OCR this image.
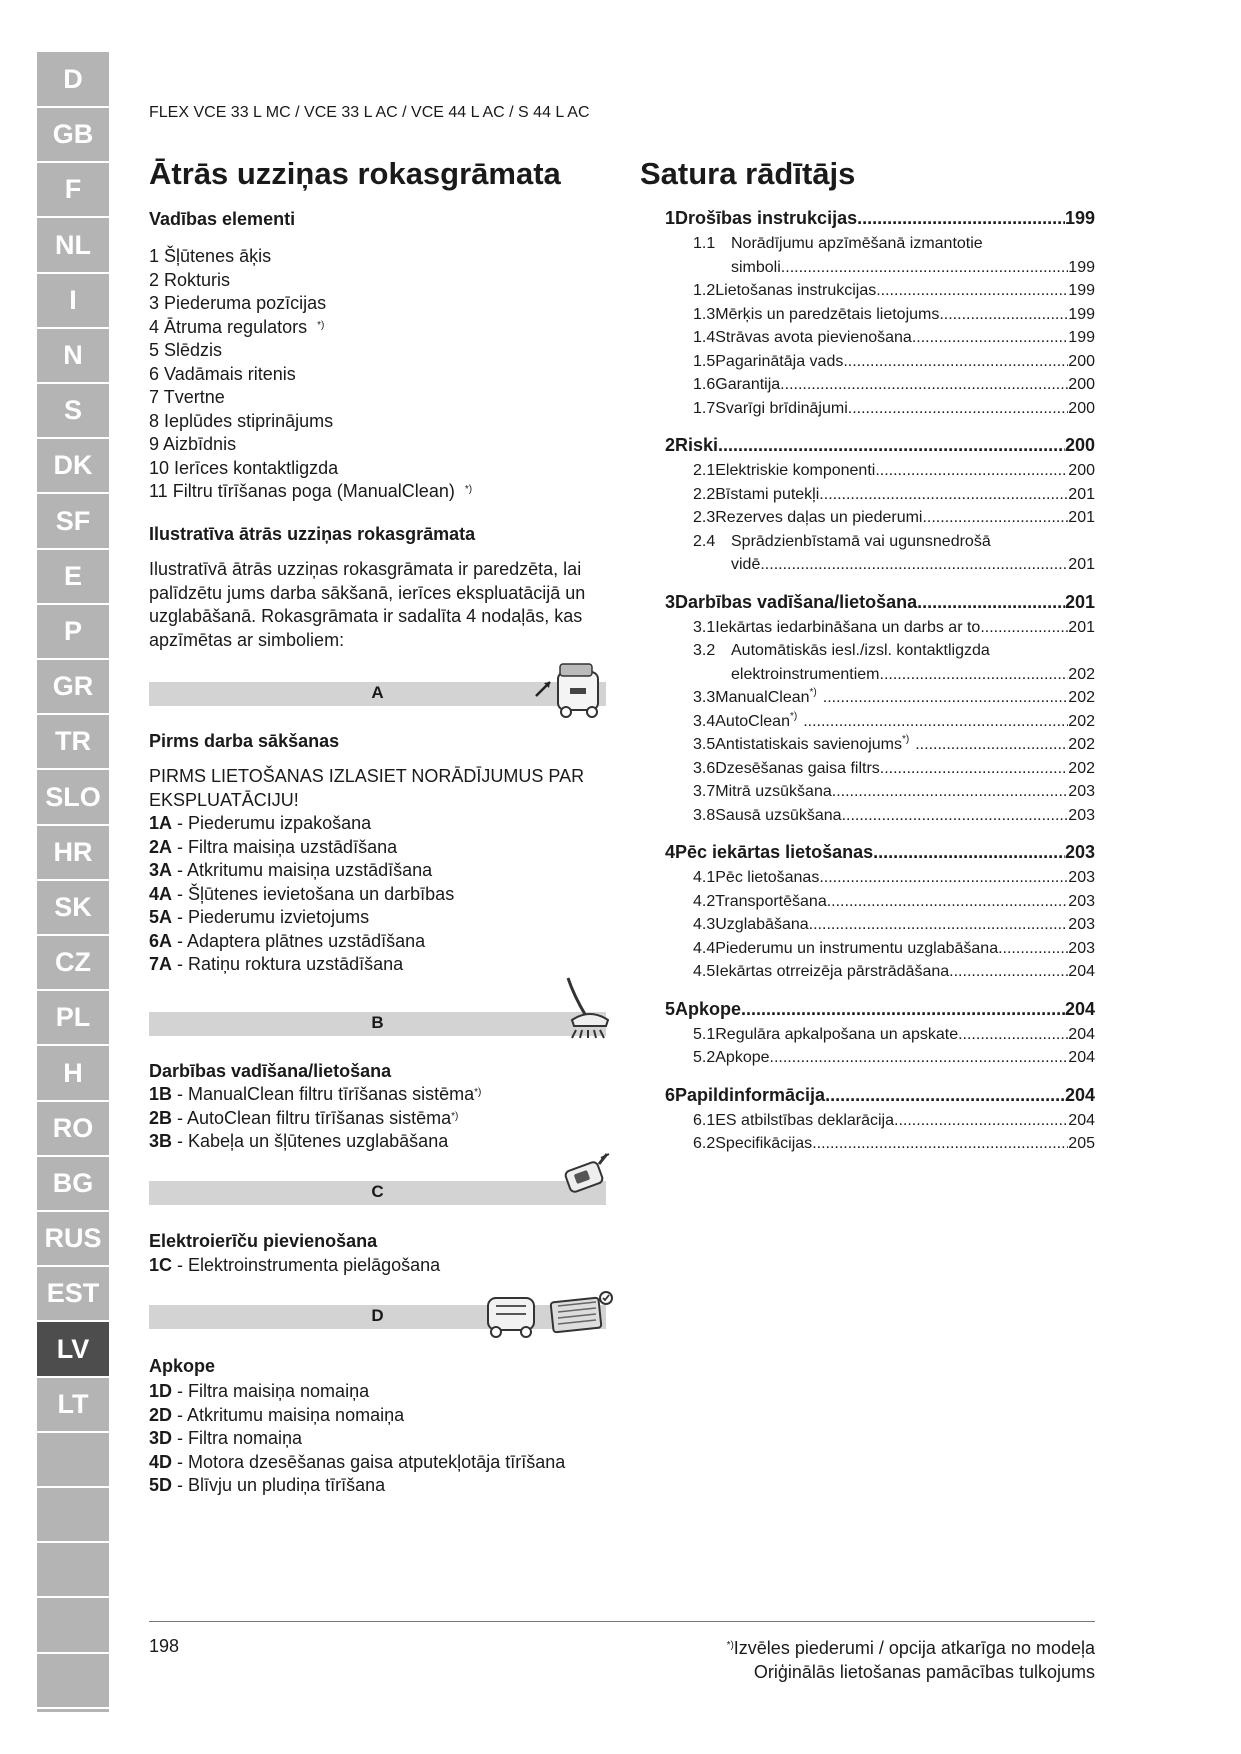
D
GB
F
NL
I
N
S
DK
SF
E
P
GR
TR
SLO
HR
SK
CZ
PL
H
RO
BG
RUS
EST
LV
LT
FLEX VCE 33 L MC / VCE 33 L AC / VCE 44 L AC / S 44 L AC
Ātrās uzziņas rokasgrāmata
Vadības elementi
1 Šļūtenes āķis
2 Rokturis
3 Piederuma pozīcijas
4 Ātruma regulators *)
5 Slēdzis
6 Vadāmais ritenis
7 Tvertne
8 Ieplūdes stiprinājums
9 Aizbīdnis
10 Ierīces kontaktligzda
11 Filtru tīrīšanas poga (ManualClean) *)
Ilustratīva ātrās uzziņas rokasgrāmata
Ilustratīvā ātrās uzziņas rokasgrāmata ir paredzēta, lai palīdzētu jums darba sākšanā, ierīces ekspluatācijā un uzglabāšanā. Rokasgrāmata ir sadalīta 4 nodaļās, kas apzīmētas ar simboliem:
A
Pirms darba sākšanas
PIRMS LIETOŠANAS IZLASIET NORĀDĪJUMUS PAR EKSPLUATĀCIJU!
1A - Piederumu izpakošana
2A - Filtra maisiņa uzstādīšana
3A - Atkritumu maisiņa uzstādīšana
4A - Šļūtenes ievietošana un darbības
5A - Piederumu izvietojums
6A - Adaptera plātnes uzstādīšana
7A - Ratiņu roktura uzstādīšana
B
Darbības vadīšana/lietošana
1B - ManualClean filtru tīrīšanas sistēma*)
2B - AutoClean filtru tīrīšanas sistēma*)
3B - Kabeļa un šļūtenes uzglabāšana
C
Elektroierīču pievienošana
1C - Elektroinstrumenta pielāgošana
D
Apkope
1D - Filtra maisiņa nomaiņa
2D - Atkritumu maisiņa nomaiņa
3D - Filtra nomaiņa
4D - Motora dzesēšanas gaisa atputekļotāja tīrīšana
5D - Blīvju un pludiņa tīrīšana
Satura rādītājs
1 Drošības instrukcijas .....	199
1.1 Norādījumu apzīmēšanā izmantotie
simboli .....	199
1.2 Lietošanas instrukcijas .....	199
1.3 Mērķis un paredzētais lietojums .....	199
1.4 Strāvas avota pievienošana .....	199
1.5 Pagarinātāja vads .....	200
1.6 Garantija .....	200
1.7 Svarīgi brīdinājumi .....	200
2 Riski .....	200
2.1 Elektriskie komponenti .....	200
2.2 Bīstami putekļi .....	201
2.3 Rezerves daļas un piederumi .....	201
2.4 Sprādzienbīstamā vai ugunsnedrošā
vidē .....	201
3 Darbības vadīšana/lietošana .....	201
3.1 Iekārtas iedarbināšana un darbs ar to .....	201
3.2 Automātiskās iesl./izsl. kontaktligzda
elektroinstrumentiem .....	202
3.3 ManualClean *) .....	202
3.4 AutoClean *) .....	202
3.5 Antistatiskais savienojums *) .....	202
3.6 Dzesēšanas gaisa filtrs .....	202
3.7 Mitrā uzsūkšana .....	203
3.8 Sausā uzsūkšana .....	203
4 Pēc iekārtas lietošanas .....	203
4.1 Pēc lietošanas .....	203
4.2 Transportēšana .....	203
4.3 Uzglabāšana .....	203
4.4 Piederumu un instrumentu uzglabāšana .....	203
4.5 Iekārtas otrreizēja pārstrādāšana .....	204
5 Apkope .....	204
5.1 Regulāra apkalpošana un apskate .....	204
5.2 Apkope .....	204
6 Papildinformācija .....	204
6.1 ES atbilstības deklarācija .....	204
6.2 Specifikācijas .....	205
198	*)Izvēles piederumi / opcija atkarīga no modeļa
Oriģinālās lietošanas pamācības tulkojums
